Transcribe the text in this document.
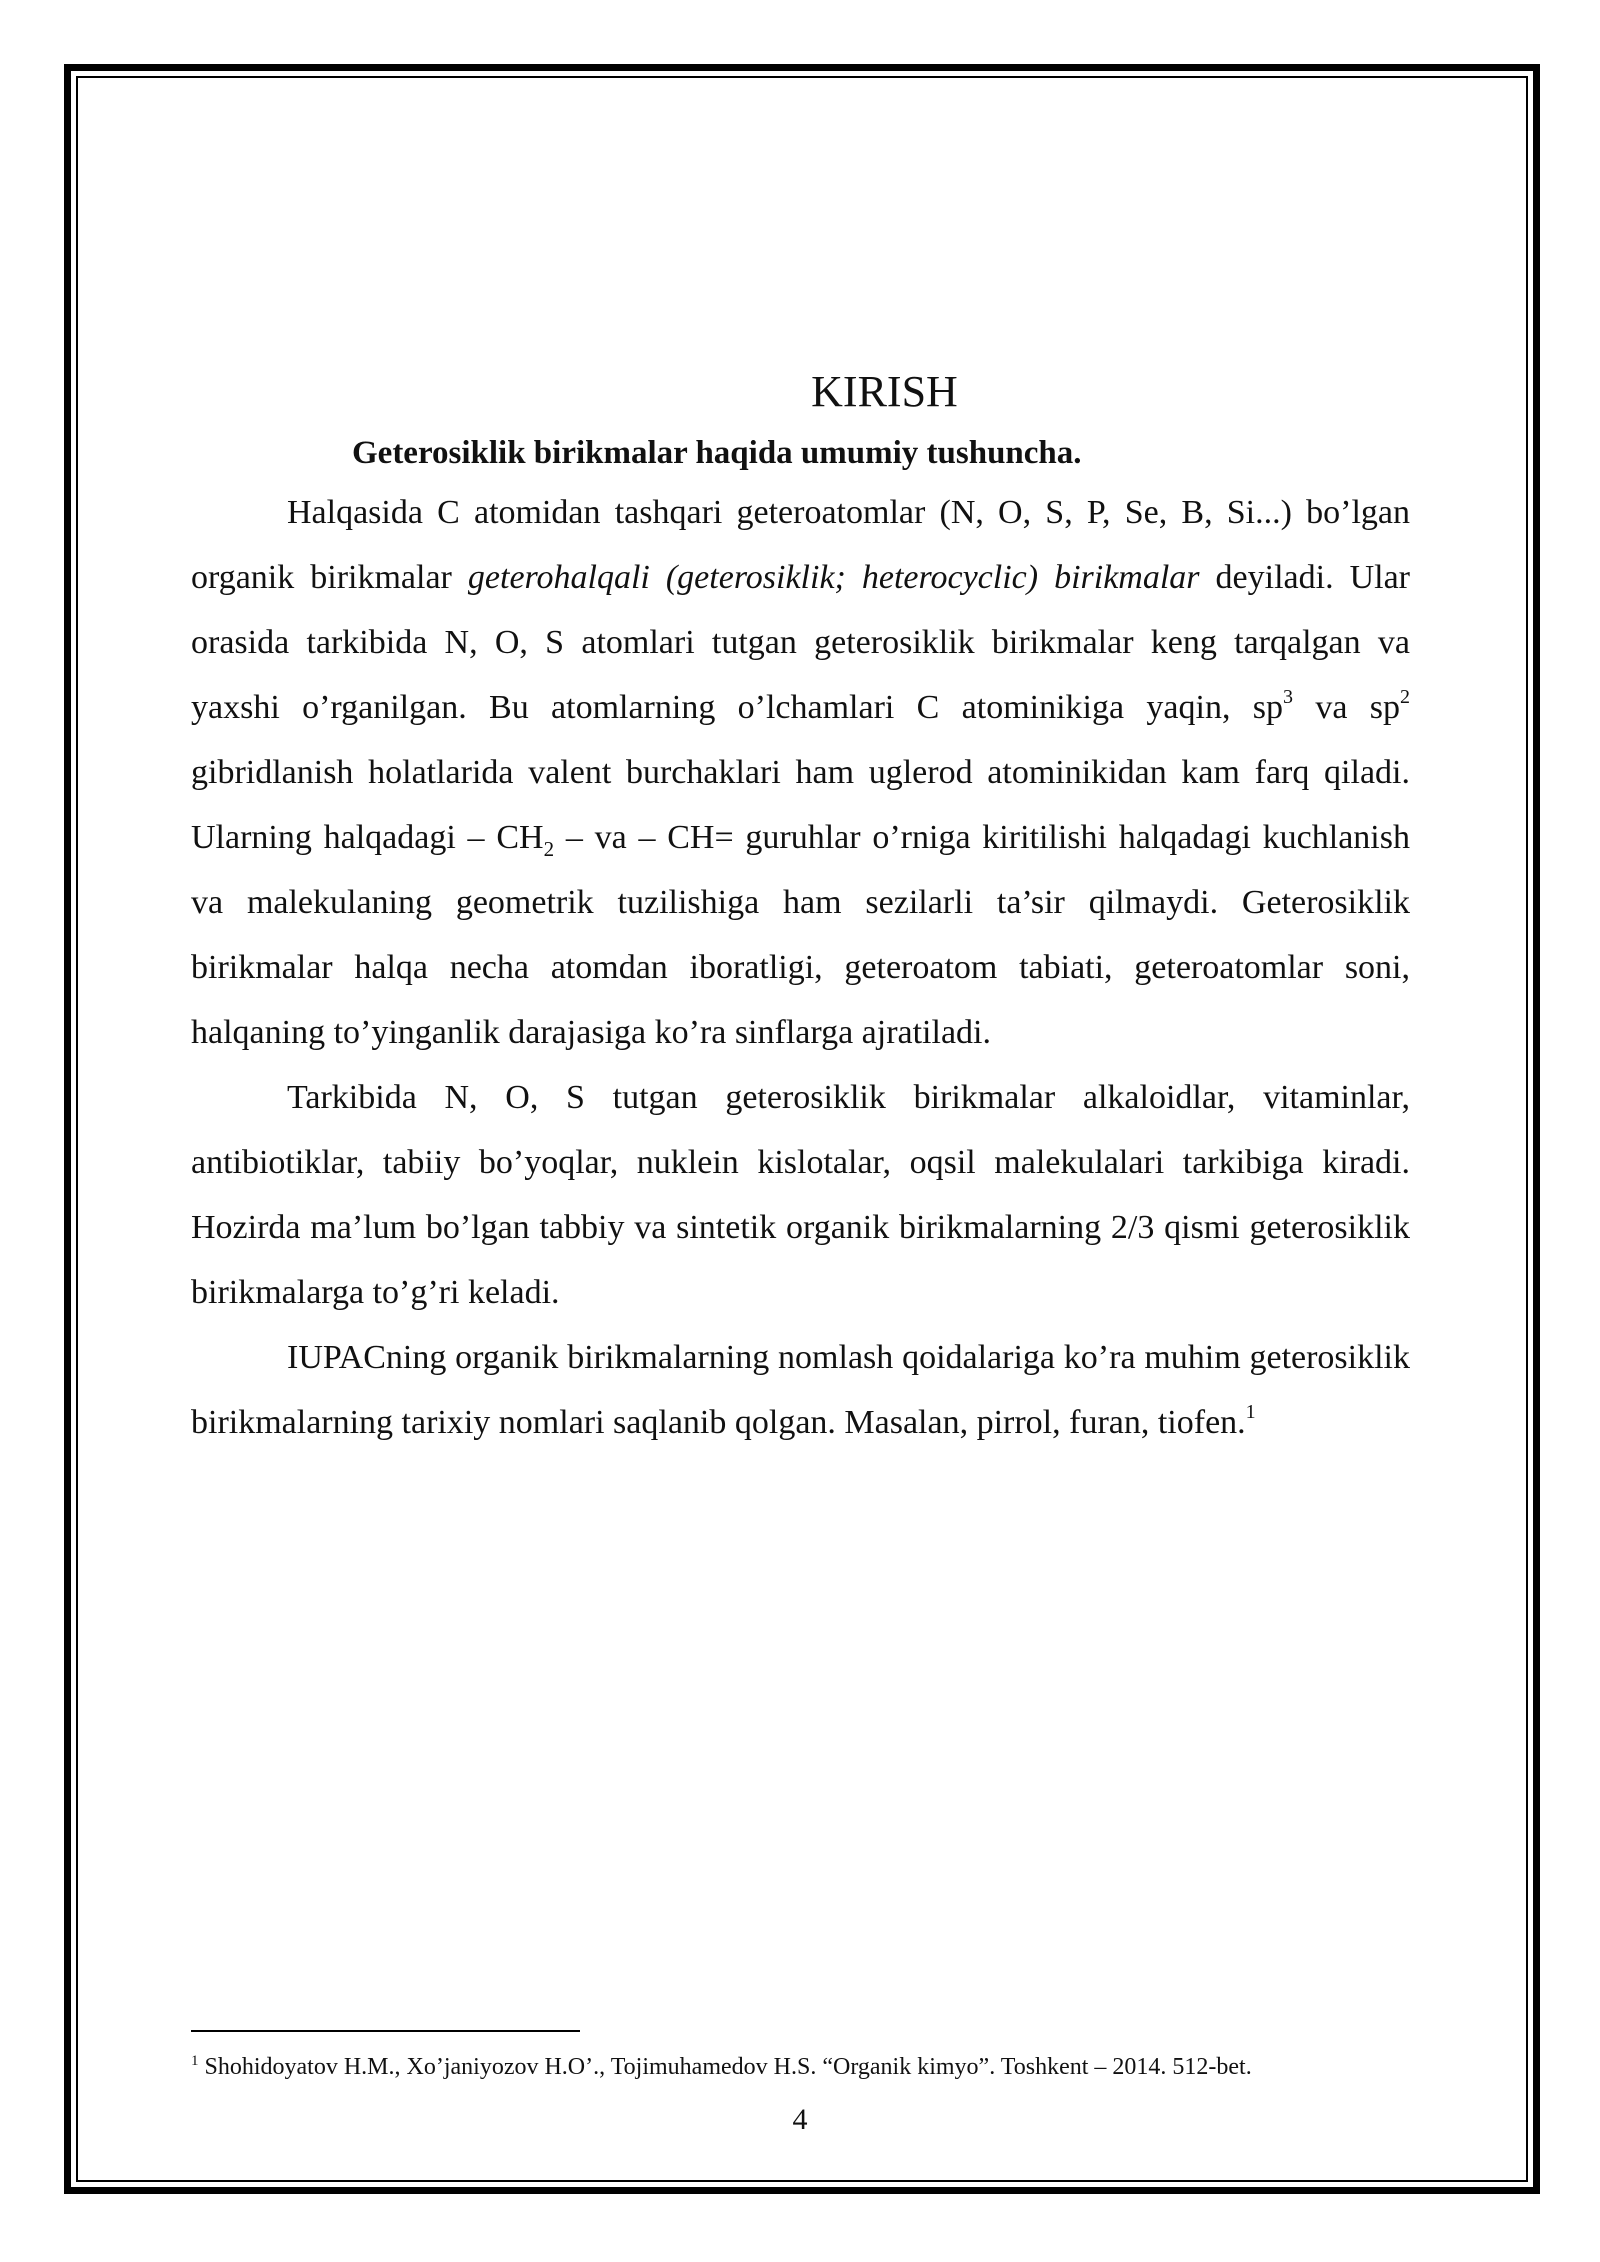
KIRISH
Geterosiklik birikmalar haqida umumiy tushuncha.

Halqasida C atomidan tashqari geteroatomlar (N, O, S, P, Se, B, Si...) bo’lgan organik birikmalar geterohalqali (geterosiklik; heterocyclic) birikmalar deyiladi. Ular orasida tarkibida N, O, S atomlari tutgan geterosiklik birikmalar keng tarqalgan va yaxshi o’rganilgan. Bu atomlarning o’lchamlari C atominikiga yaqin, $sp^3$ va $sp^2$ gibridlanish holatlarida valent burchaklari ham uglerod atominikidan kam farq qiladi. Ularning halqadagi – $CH_2$ – va – CH= guruhlar o’rniga kiritilishi halqadagi kuchlanish va malekulaning geometrik tuzilishiga ham sezilarli ta’sir qilmaydi. Geterosiklik birikmalar halqa necha atomdan iboratligi, geteroatom tabiati, geteroatomlar soni, halqaning to’yinganlik darajasiga ko’ra sinflarga ajratiladi.

Tarkibida N, O, S tutgan geterosiklik birikmalar alkaloidlar, vitaminlar, antibiotiklar, tabiiy bo’yoqlar, nuklein kislotalar, oqsil malekulalari tarkibiga kiradi. Hozirda ma’lum bo’lgan tabbiy va sintetik organik birikmalarning 2/3 qismi geterosiklik birikmalarga to’g’ri keladi.

IUPACning organik birikmalarning nomlash qoidalariga ko’ra muhim geterosiklik birikmalarning tarixiy nomlari saqlanib qolgan. Masalan, pirrol, furan, tiofen.$^1$

$^1$ Shohidoyatov H.M., Xo’janiyozov H.O’., Tojimuhamedov H.S. “Organik kimyo”. Toshkent – 2014. 512-bet.
4
